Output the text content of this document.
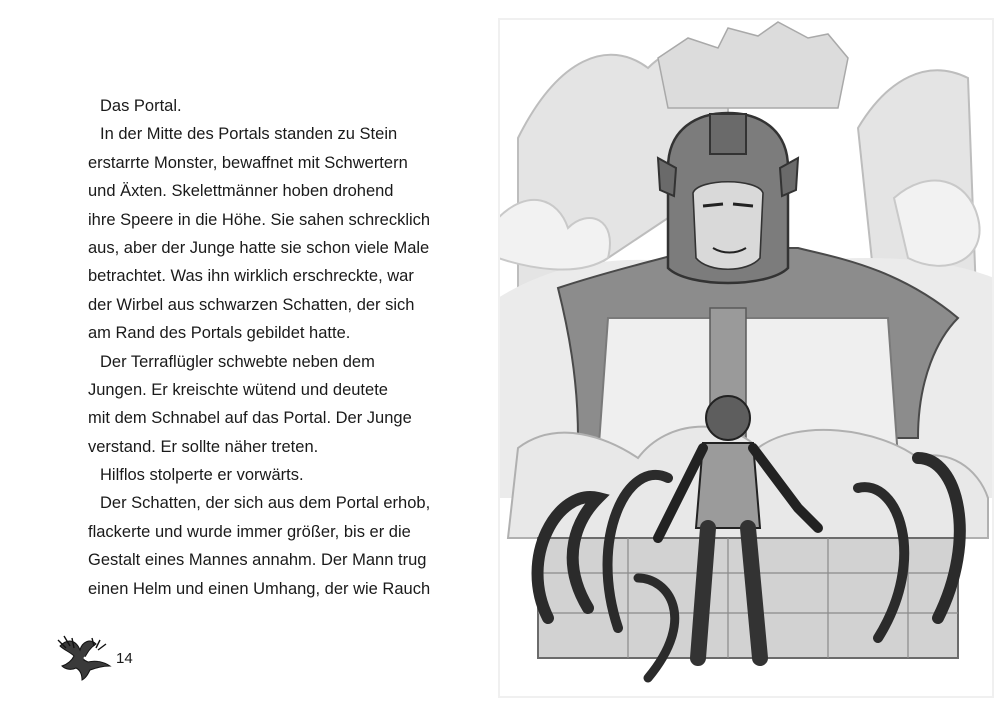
Das Portal.
In der Mitte des Portals standen zu Stein
erstarrte Monster, bewaffnet mit Schwertern
und Äxten. Skelettmänner hoben drohend
ihre Speere in die Höhe. Sie sahen schrecklich
aus, aber der Junge hatte sie schon viele Male
betrachtet. Was ihn wirklich erschreckte, war
der Wirbel aus schwarzen Schatten, der sich
am Rand des Portals gebildet hatte.
Der Terraflügler schwebte neben dem
Jungen. Er kreischte wütend und deutete
mit dem Schnabel auf das Portal. Der Junge
verstand. Er sollte näher treten.
Hilflos stolperte er vorwärts.
Der Schatten, der sich aus dem Portal erhob,
flackerte und wurde immer größer, bis er die
Gestalt eines Mannes annahm. Der Mann trug
einen Helm und einen Umhang, der wie Rauch
14
